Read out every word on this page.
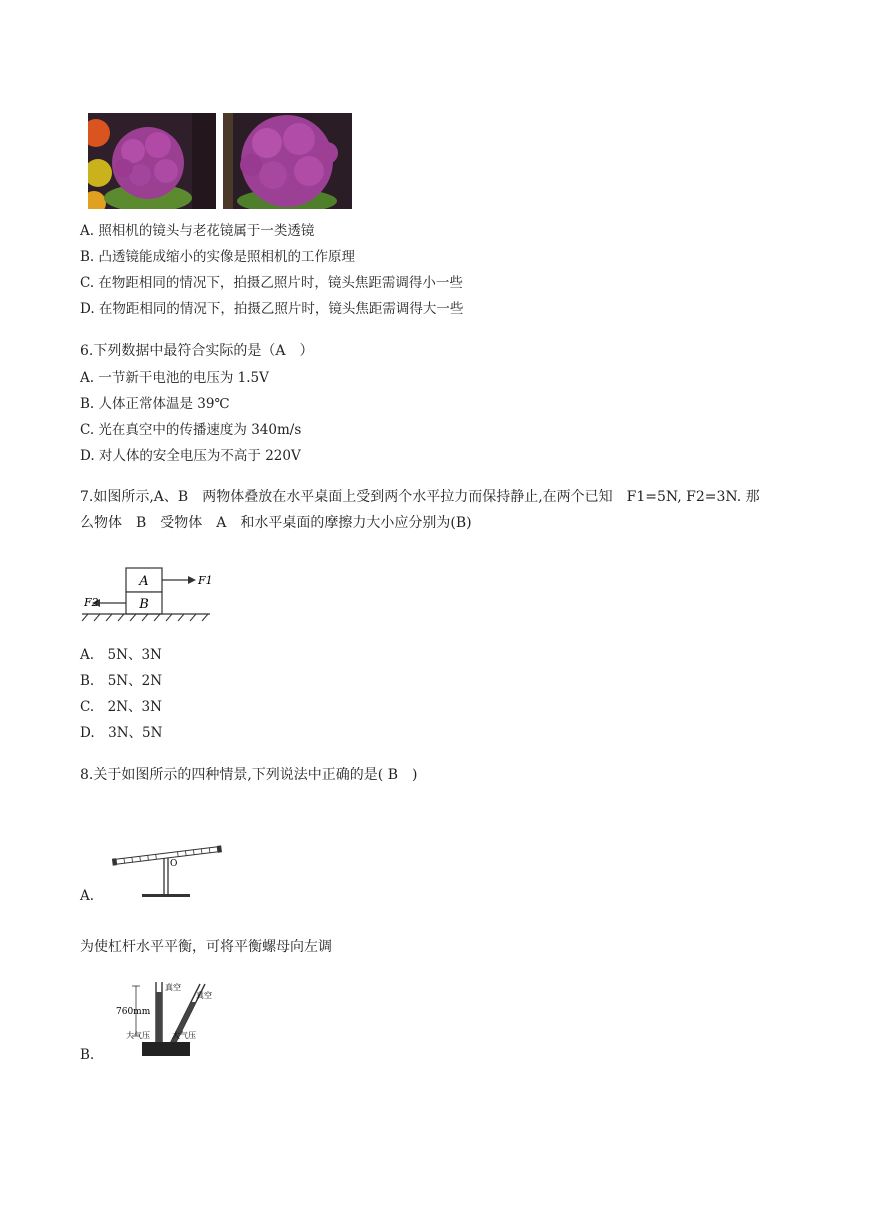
A. 照相机的镜头与老花镜属于一类透镜
B. 凸透镜能成缩小的实像是照相机的工作原理
C. 在物距相同的情况下，拍摄乙照片时，镜头焦距需调得小一些
D. 在物距相同的情况下，拍摄乙照片时，镜头焦距需调得大一些
6.下列数据中最符合实际的是（A　）
A. 一节新干电池的电压为 1.5V
B. 人体正常体温是 39℃
C. 光在真空中的传播速度为 340m/s
D. 对人体的安全电压为不高于 220V
7.如图所示,A、B　两物体叠放在水平桌面上受到两个水平拉力而保持静止,在两个已知　F1=5N, F2=3N. 那
么物体　B　受物体　A　和水平桌面的摩擦力大小应分别为(B)
A
B
F1
F2
A.　5N、3N
B.　5N、2N
C.　2N、3N
D.　3N、5N
8.关于如图所示的四种情景,下列说法中正确的是( B　)
O
A.
为使杠杆水平平衡，可将平衡螺母向左调
760mm
真空
真空
大气压	大气压
B.
